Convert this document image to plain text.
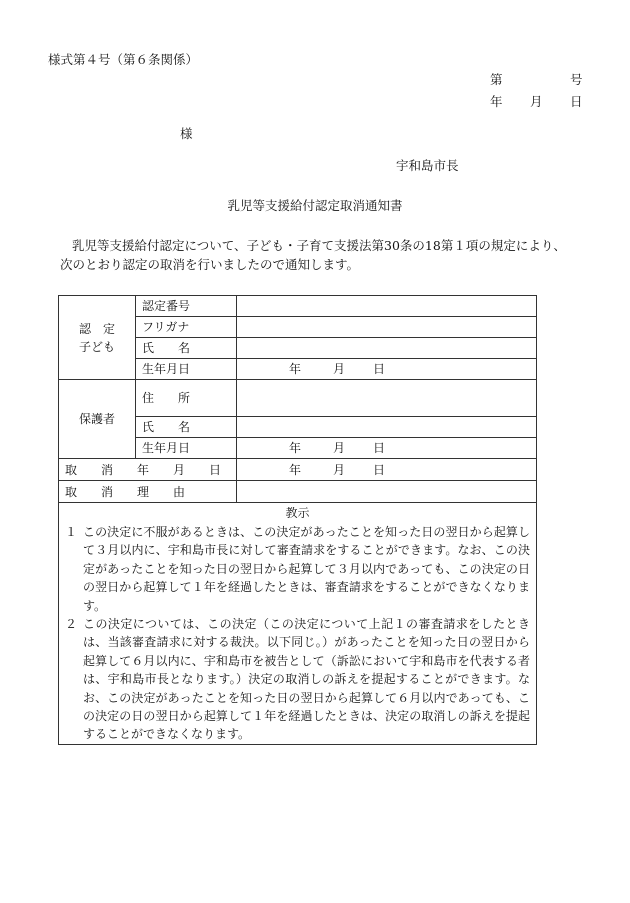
様式第４号（第６条関係）
第	号
年 月 日
様
宇和島市長
乳児等支援給付認定取消通知書
乳児等支援給付認定について、子ども・子育て支援法第30条の18第１項の規定により、
次のとおり認定の取消を行いましたので通知します。
認　定
子ども	認定番号	
	フリガナ	
	氏　　名	
	生年月日	年 月 日

保護者	住　　所	
	氏　　名	
	生年月日	年 月 日

取　　消　　年　　月　　日		年 月 日

取　　消　　理　　由		

教示
１ この決定に不服があるときは、この決定があったことを知った日の翌日から起算して３月以内に、宇和島市長に対して審査請求をすることができます。なお、この決定があったことを知った日の翌日から起算して３月以内であっても、この決定の日の翌日から起算して１年を経過したときは、審査請求をすることができなくなります。
２ この決定については、この決定（この決定について上記１の審査請求をしたときは、当該審査請求に対する裁決。以下同じ。）があったことを知った日の翌日から起算して６月以内に、宇和島市を被告として（訴訟において宇和島市を代表する者は、宇和島市長となります。）決定の取消しの訴えを提起することができます。なお、この決定があったことを知った日の翌日から起算して６月以内であっても、この決定の日の翌日から起算して１年を経過したときは、決定の取消しの訴えを提起することができなくなります。		
